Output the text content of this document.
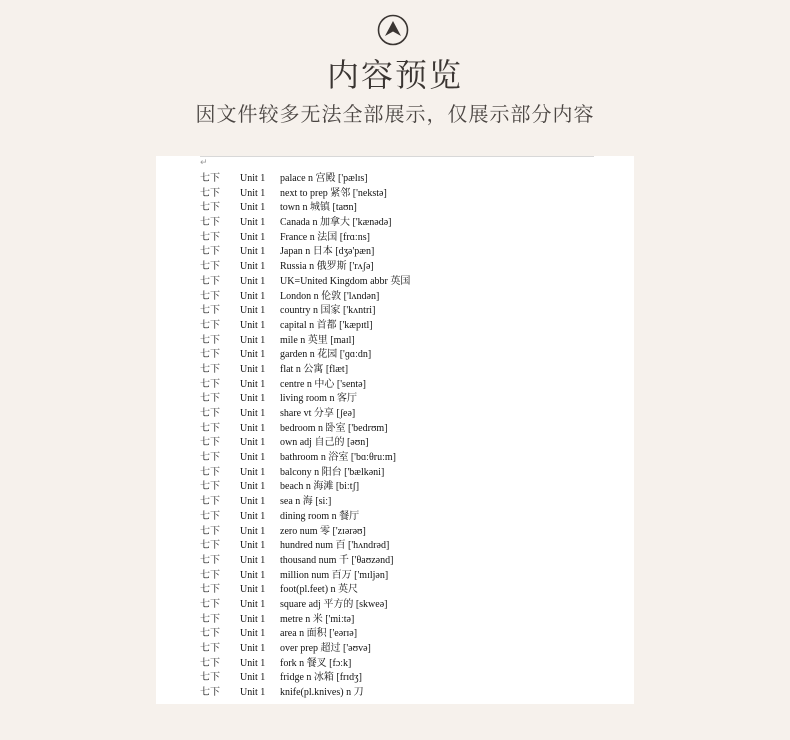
内容预览
因文件较多无法全部展示，仅展示部分内容
↵
七下 Unit 1 palace n 宫殿 ['pælɪs]
七下 Unit 1 next to prep 紧邻 ['nekstə]
七下 Unit 1 town n 城镇 [taʊn]
七下 Unit 1 Canada n 加拿大 ['kænədə]
七下 Unit 1 France n 法国 [frɑːns]
七下 Unit 1 Japan n 日本 [dʒə'pæn]
七下 Unit 1 Russia n 俄罗斯 ['rʌʃə]
七下 Unit 1 UK=United Kingdom abbr 英国
七下 Unit 1 London n 伦敦 ['lʌndən]
七下 Unit 1 country n 国家 ['kʌntri]
七下 Unit 1 capital n 首都 ['kæpɪtl]
七下 Unit 1 mile n 英里 [maɪl]
七下 Unit 1 garden n 花园 ['ɡɑːdn]
七下 Unit 1 flat n 公寓 [flæt]
七下 Unit 1 centre n 中心 ['sentə]
七下 Unit 1 living room n 客厅
七下 Unit 1 share vt 分享 [ʃeə]
七下 Unit 1 bedroom n 卧室 ['bedrʊm]
七下 Unit 1 own adj 自己的 [əʊn]
七下 Unit 1 bathroom n 浴室 ['bɑːθruːm]
七下 Unit 1 balcony n 阳台 ['bælkəni]
七下 Unit 1 beach n 海滩 [biːtʃ]
七下 Unit 1 sea n 海 [siː]
七下 Unit 1 dining room n 餐厅
七下 Unit 1 zero num 零 ['zɪərəʊ]
七下 Unit 1 hundred num 百 ['hʌndrəd]
七下 Unit 1 thousand num 千 ['θaʊzənd]
七下 Unit 1 million num 百万 ['mɪljən]
七下 Unit 1 foot(pl.feet) n 英尺
七下 Unit 1 square adj 平方的 [skweə]
七下 Unit 1 metre n 米 ['miːtə]
七下 Unit 1 area n 面积 ['eərɪə]
七下 Unit 1 over prep 超过 ['əʊvə]
七下 Unit 1 fork n 餐叉 [fɔːk]
七下 Unit 1 fridge n 冰箱 [frɪdʒ]
七下 Unit 1 knife(pl.knives) n 刀
